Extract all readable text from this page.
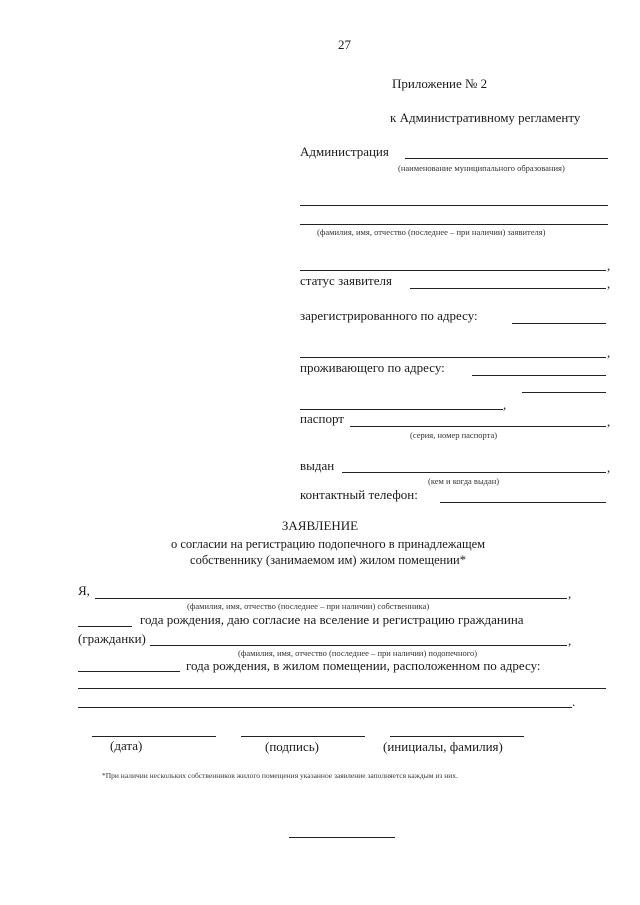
27
Приложение № 2
к Административному регламенту
Администрация
(наименование муниципального образования)
(фамилия, имя, отчество (последнее – при наличии) заявителя)
,
статус заявителя	,
зарегистрированного по адресу:
,
проживающего по адресу:
,
паспорт	,
(серия, номер паспорта)
выдан	,
(кем и когда выдан)
контактный телефон:
ЗАЯВЛЕНИЕ
о согласии на регистрацию подопечного в принадлежащем
собственнику (занимаемом им) жилом помещении*
Я,	,
(фамилия, имя, отчество (последнее – при наличии) собственника)
года рождения, даю согласие на вселение и регистрацию гражданина
(гражданки)	,
(фамилия, имя, отчество (последнее – при наличии) подопечного)
года рождения, в жилом помещении, расположенном по адресу:
.
(дата)	(подпись)	(инициалы, фамилия)
*При наличии нескольких собственников жилого помещения указанное заявление заполняется каждым из них.
